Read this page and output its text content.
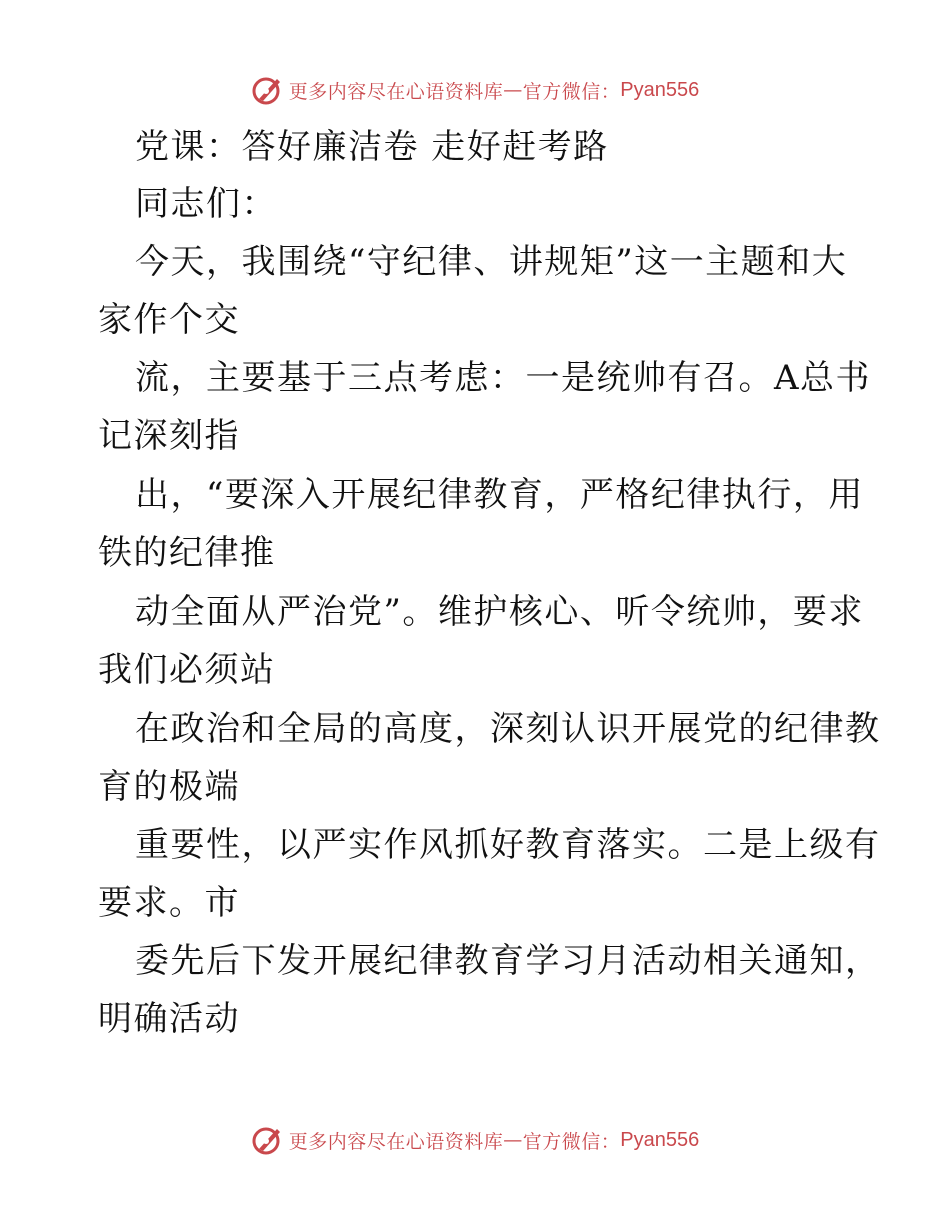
更多内容尽在心语资料库 — 官方微信： Pyan556
党课：答好廉洁卷 走好赶考路
同志们：
今天，我围绕“守纪律、讲规矩”这一主题和大
家作个交
流，主要基于三点考虑：一是统帅有召。A总书
记深刻指
出，“要深入开展纪律教育，严格纪律执行，用
铁的纪律推
动全面从严治党”。维护核心、听令统帅，要求
我们必须站
在政治和全局的高度，深刻认识开展党的纪律教
育的极端
重要性，以严实作风抓好教育落实。二是上级有
要求。市
委先后下发开展纪律教育学习月活动相关通知，
明确活动
更多内容尽在心语资料库 — 官方微信： Pyan556
